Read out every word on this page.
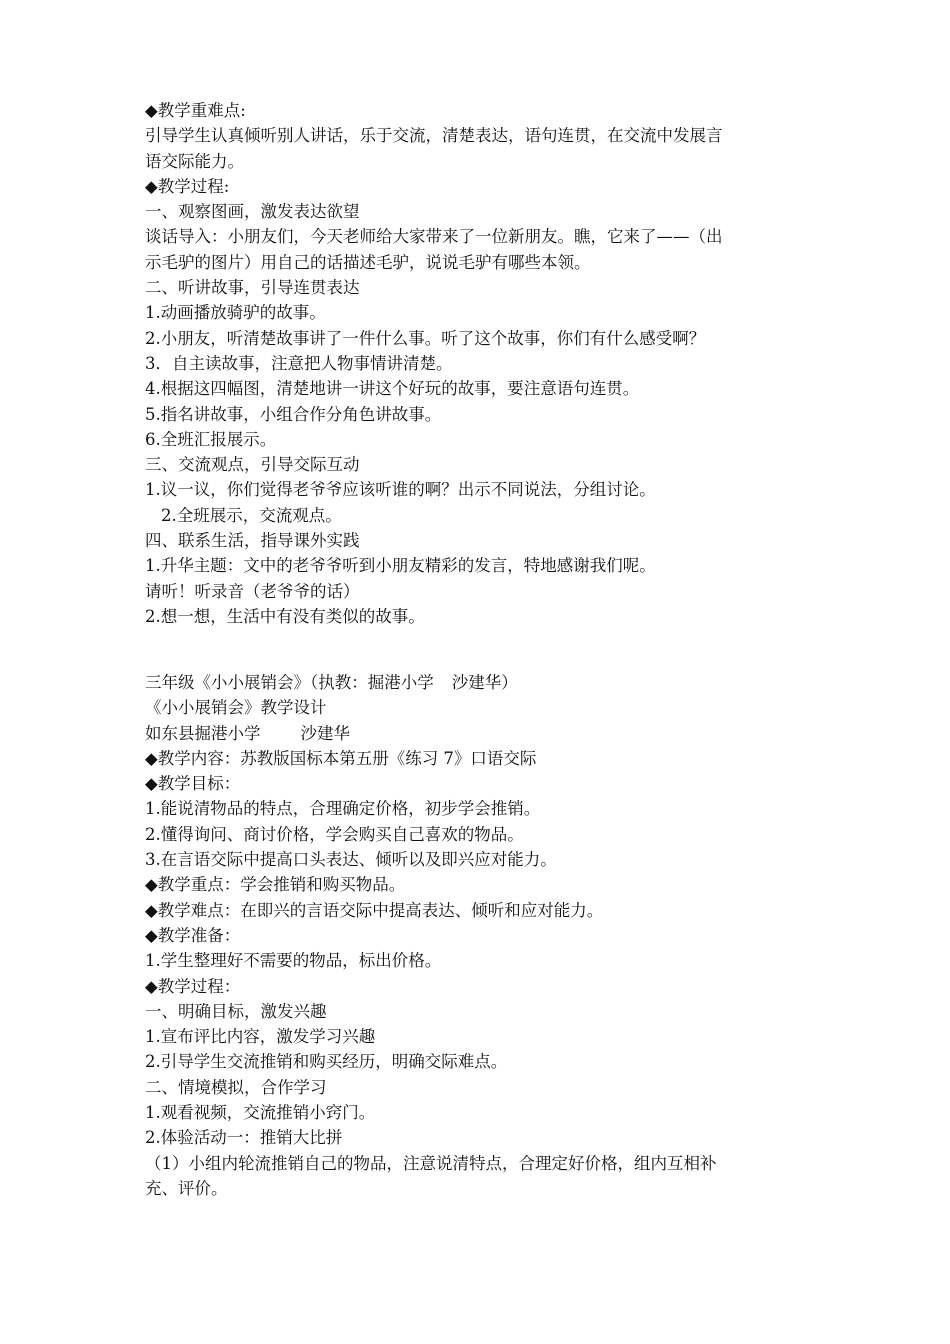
◆教学重难点:
引导学生认真倾听别人讲话，乐于交流，清楚表达，语句连贯，在交流中发展言
语交际能力。
◆教学过程:
一、观察图画，激发表达欲望
谈话导入：小朋友们，今天老师给大家带来了一位新朋友。瞧，它来了——（出
示毛驴的图片）用自己的话描述毛驴，说说毛驴有哪些本领。
二、听讲故事，引导连贯表达
1.动画播放骑驴的故事。
2.小朋友，听清楚故事讲了一件什么事。听了这个故事，你们有什么感受啊？
3．自主读故事，注意把人物事情讲清楚。
4.根据这四幅图，清楚地讲一讲这个好玩的故事，要注意语句连贯。
5.指名讲故事，小组合作分角色讲故事。
6.全班汇报展示。
三、交流观点，引导交际互动
1.议一议，你们觉得老爷爷应该听谁的啊？出示不同说法，分组讨论。
2.全班展示，交流观点。
四、联系生活，指导课外实践
1.升华主题：文中的老爷爷听到小朋友精彩的发言，特地感谢我们呢。
请听！听录音（老爷爷的话）
2.想一想，生活中有没有类似的故事。
三年级《小小展销会》（执教：掘港小学 沙建华）
《小小展销会》教学设计
如东县掘港小学 沙建华
◆教学内容：苏教版国标本第五册《练习 7》口语交际
◆教学目标：
1.能说清物品的特点，合理确定价格，初步学会推销。
2.懂得询问、商讨价格，学会购买自己喜欢的物品。
3.在言语交际中提高口头表达、倾听以及即兴应对能力。
◆教学重点：学会推销和购买物品。
◆教学难点：在即兴的言语交际中提高表达、倾听和应对能力。
◆教学准备：
1.学生整理好不需要的物品，标出价格。
◆教学过程：
一、明确目标，激发兴趣
1.宣布评比内容，激发学习兴趣
2.引导学生交流推销和购买经历，明确交际难点。
二、情境模拟，合作学习
1.观看视频，交流推销小窍门。
2.体验活动一：推销大比拼
（1）小组内轮流推销自己的物品，注意说清特点，合理定好价格，组内互相补
充、评价。
